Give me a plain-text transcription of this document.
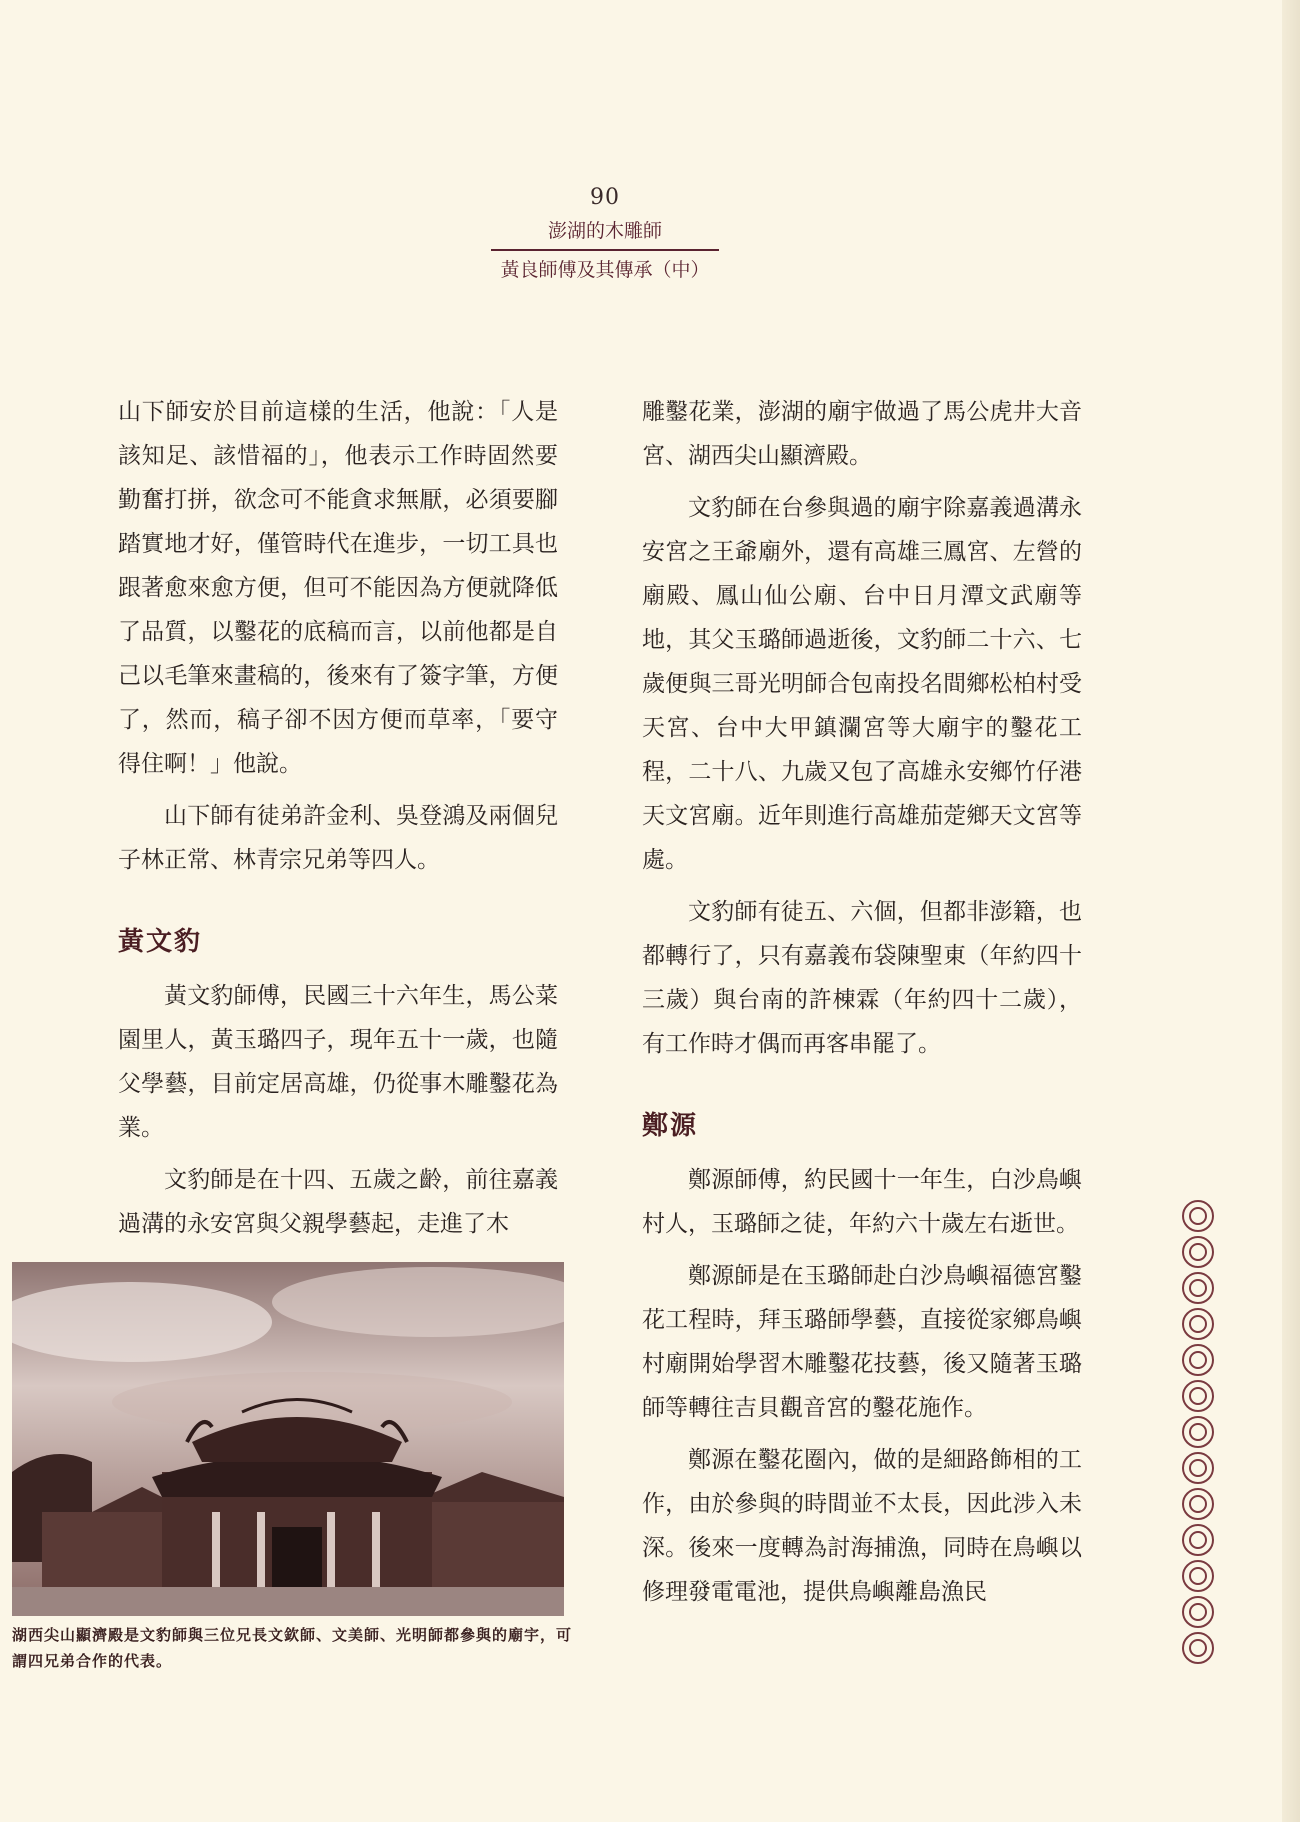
90
澎湖的木雕師
黃良師傅及其傳承（中）

山下師安於目前這樣的生活，他說：「人是該知足、該惜福的」，他表示工作時固然要勤奮打拼，欲念可不能貪求無厭，必須要腳踏實地才好，僅管時代在進步，一切工具也跟著愈來愈方便，但可不能因為方便就降低了品質，以鑿花的底稿而言，以前他都是自己以毛筆來畫稿的，後來有了簽字筆，方便了，然而，稿子卻不因方便而草率，「要守得住啊！」他說。

山下師有徒弟許金利、吳登鴻及兩個兒子林正常、林青宗兄弟等四人。

黃文豹

黃文豹師傅，民國三十六年生，馬公菜園里人，黃玉璐四子，現年五十一歲，也隨父學藝，目前定居高雄，仍從事木雕鑿花為業。

文豹師是在十四、五歲之齡，前往嘉義過溝的永安宮與父親學藝起，走進了木

雕鑿花業，澎湖的廟宇做過了馬公虎井大音宮、湖西尖山顯濟殿。

文豹師在台參與過的廟宇除嘉義過溝永安宮之王爺廟外，還有高雄三鳳宮、左營的廟殿、鳳山仙公廟、台中日月潭文武廟等地，其父玉璐師過逝後，文豹師二十六、七歲便與三哥光明師合包南投名間鄉松柏村受天宮、台中大甲鎮瀾宮等大廟宇的鑿花工程，二十八、九歲又包了高雄永安鄉竹仔港天文宮廟。近年則進行高雄茄萣鄉天文宮等處。

文豹師有徒五、六個，但都非澎籍，也都轉行了，只有嘉義布袋陳聖東（年約四十三歲）與台南的許棟霖（年約四十二歲），有工作時才偶而再客串罷了。

鄭源

鄭源師傅，約民國十一年生，白沙鳥嶼村人，玉璐師之徒，年約六十歲左右逝世。

鄭源師是在玉璐師赴白沙鳥嶼福德宮鑿花工程時，拜玉璐師學藝，直接從家鄉鳥嶼村廟開始學習木雕鑿花技藝，後又隨著玉璐師等轉往吉貝觀音宮的鑿花施作。

鄭源在鑿花圈內，做的是細路飾相的工作，由於參與的時間並不太長，因此涉入未深。後來一度轉為討海捕漁，同時在鳥嶼以修理發電電池，提供鳥嶼離島漁民

湖西尖山顯濟殿是文豹師與三位兄長文欽師、文美師、光明師都參與的廟宇，可謂四兄弟合作的代表。
